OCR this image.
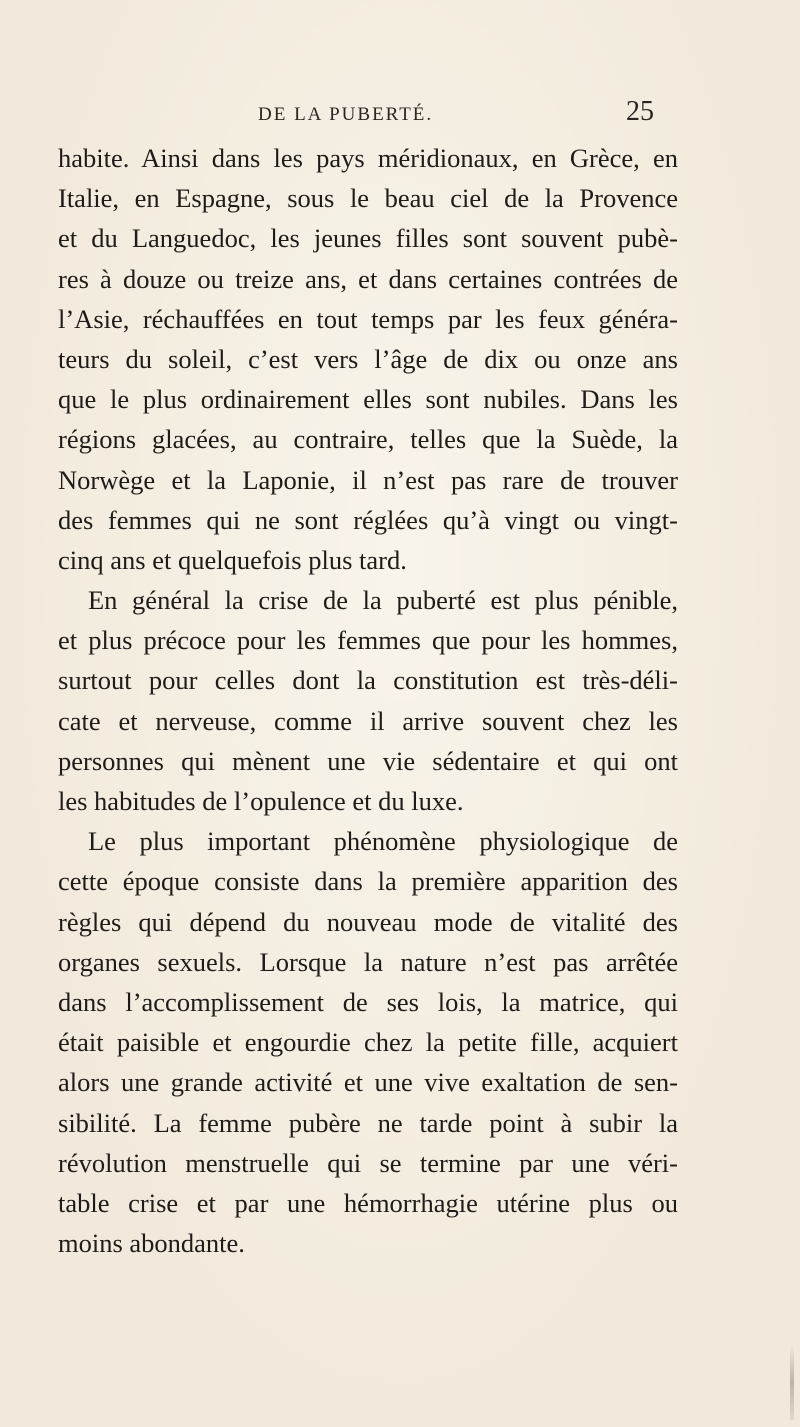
DE LA PUBERTÉ.	25
habite. Ainsi dans les pays méridionaux, en Grèce, en
Italie, en Espagne, sous le beau ciel de la Provence
et du Languedoc, les jeunes filles sont souvent pubè-
res à douze ou treize ans, et dans certaines contrées de
l’Asie, réchauffées en tout temps par les feux généra-
teurs du soleil, c’est vers l’âge de dix ou onze ans
que le plus ordinairement elles sont nubiles. Dans les
régions glacées, au contraire, telles que la Suède, la
Norwège et la Laponie, il n’est pas rare de trouver
des femmes qui ne sont réglées qu’à vingt ou vingt-
cinq ans et quelquefois plus tard.
En général la crise de la puberté est plus pénible,
et plus précoce pour les femmes que pour les hommes,
surtout pour celles dont la constitution est très-déli-
cate et nerveuse, comme il arrive souvent chez les
personnes qui mènent une vie sédentaire et qui ont
les habitudes de l’opulence et du luxe.
Le plus important phénomène physiologique de
cette époque consiste dans la première apparition des
règles qui dépend du nouveau mode de vitalité des
organes sexuels. Lorsque la nature n’est pas arrêtée
dans l’accomplissement de ses lois, la matrice, qui
était paisible et engourdie chez la petite fille, acquiert
alors une grande activité et une vive exaltation de sen-
sibilité. La femme pubère ne tarde point à subir la
révolution menstruelle qui se termine par une véri-
table crise et par une hémorrhagie utérine plus ou
moins abondante.
